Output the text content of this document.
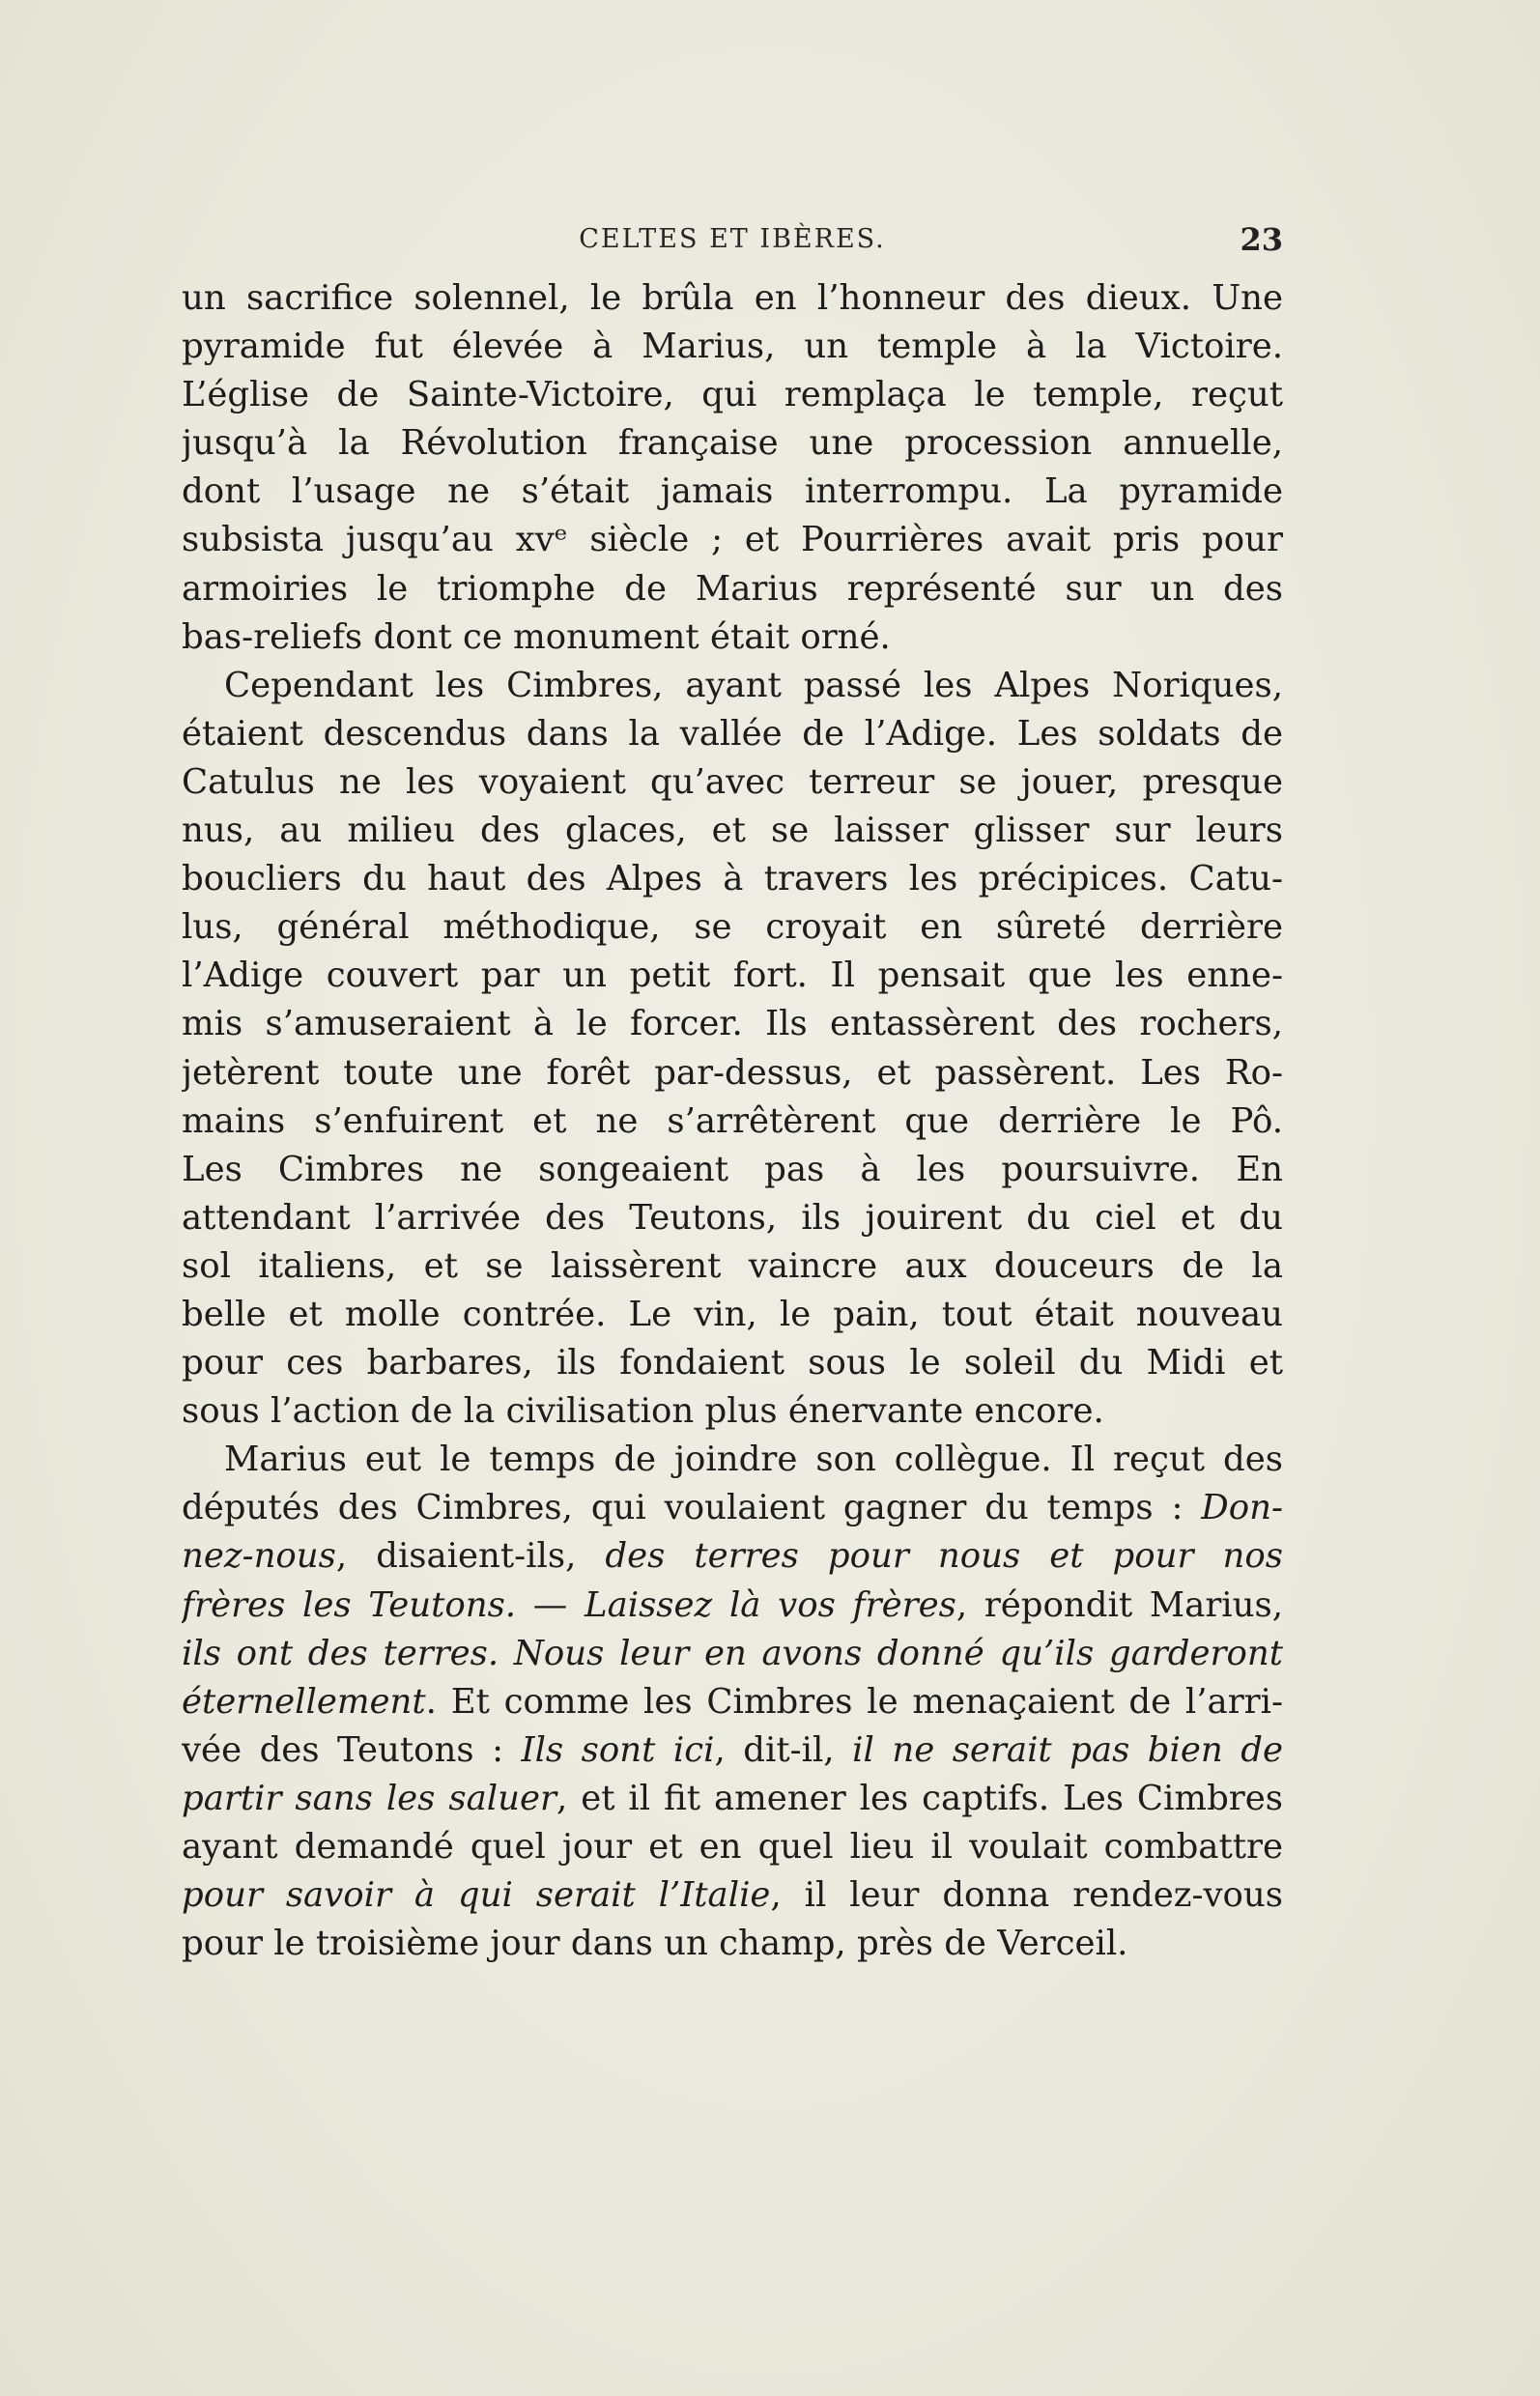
CELTES ET IBÈRES.	23
un sacrifice solennel, le brûla en l’honneur des dieux. Une
pyramide fut élevée à Marius, un temple à la Victoire.
L’église de Sainte-Victoire, qui remplaça le temple, reçut
jusqu’à la Révolution française une procession annuelle,
dont l’usage ne s’était jamais interrompu. La pyramide
subsista jusqu’au xvᵉ siècle ; et Pourrières avait pris pour
armoiries le triomphe de Marius représenté sur un des
bas-reliefs dont ce monument était orné.
Cependant les Cimbres, ayant passé les Alpes Noriques,
étaient descendus dans la vallée de l’Adige. Les soldats de
Catulus ne les voyaient qu’avec terreur se jouer, presque
nus, au milieu des glaces, et se laisser glisser sur leurs
boucliers du haut des Alpes à travers les précipices. Catu-
lus, général méthodique, se croyait en sûreté derrière
l’Adige couvert par un petit fort. Il pensait que les enne-
mis s’amuseraient à le forcer. Ils entassèrent des rochers,
jetèrent toute une forêt par-dessus, et passèrent. Les Ro-
mains s’enfuirent et ne s’arrêtèrent que derrière le Pô.
Les Cimbres ne songeaient pas à les poursuivre. En
attendant l’arrivée des Teutons, ils jouirent du ciel et du
sol italiens, et se laissèrent vaincre aux douceurs de la
belle et molle contrée. Le vin, le pain, tout était nouveau
pour ces barbares, ils fondaient sous le soleil du Midi et
sous l’action de la civilisation plus énervante encore.
Marius eut le temps de joindre son collègue. Il reçut des
députés des Cimbres, qui voulaient gagner du temps : Don-
nez-nous, disaient-ils, des terres pour nous et pour nos
frères les Teutons. — Laissez là vos frères, répondit Marius,
ils ont des terres. Nous leur en avons donné qu’ils garderont
éternellement. Et comme les Cimbres le menaçaient de l’arri-
vée des Teutons : Ils sont ici, dit-il, il ne serait pas bien de
partir sans les saluer, et il fit amener les captifs. Les Cimbres
ayant demandé quel jour et en quel lieu il voulait combattre
pour savoir à qui serait l’Italie, il leur donna rendez-vous
pour le troisième jour dans un champ, près de Verceil.
